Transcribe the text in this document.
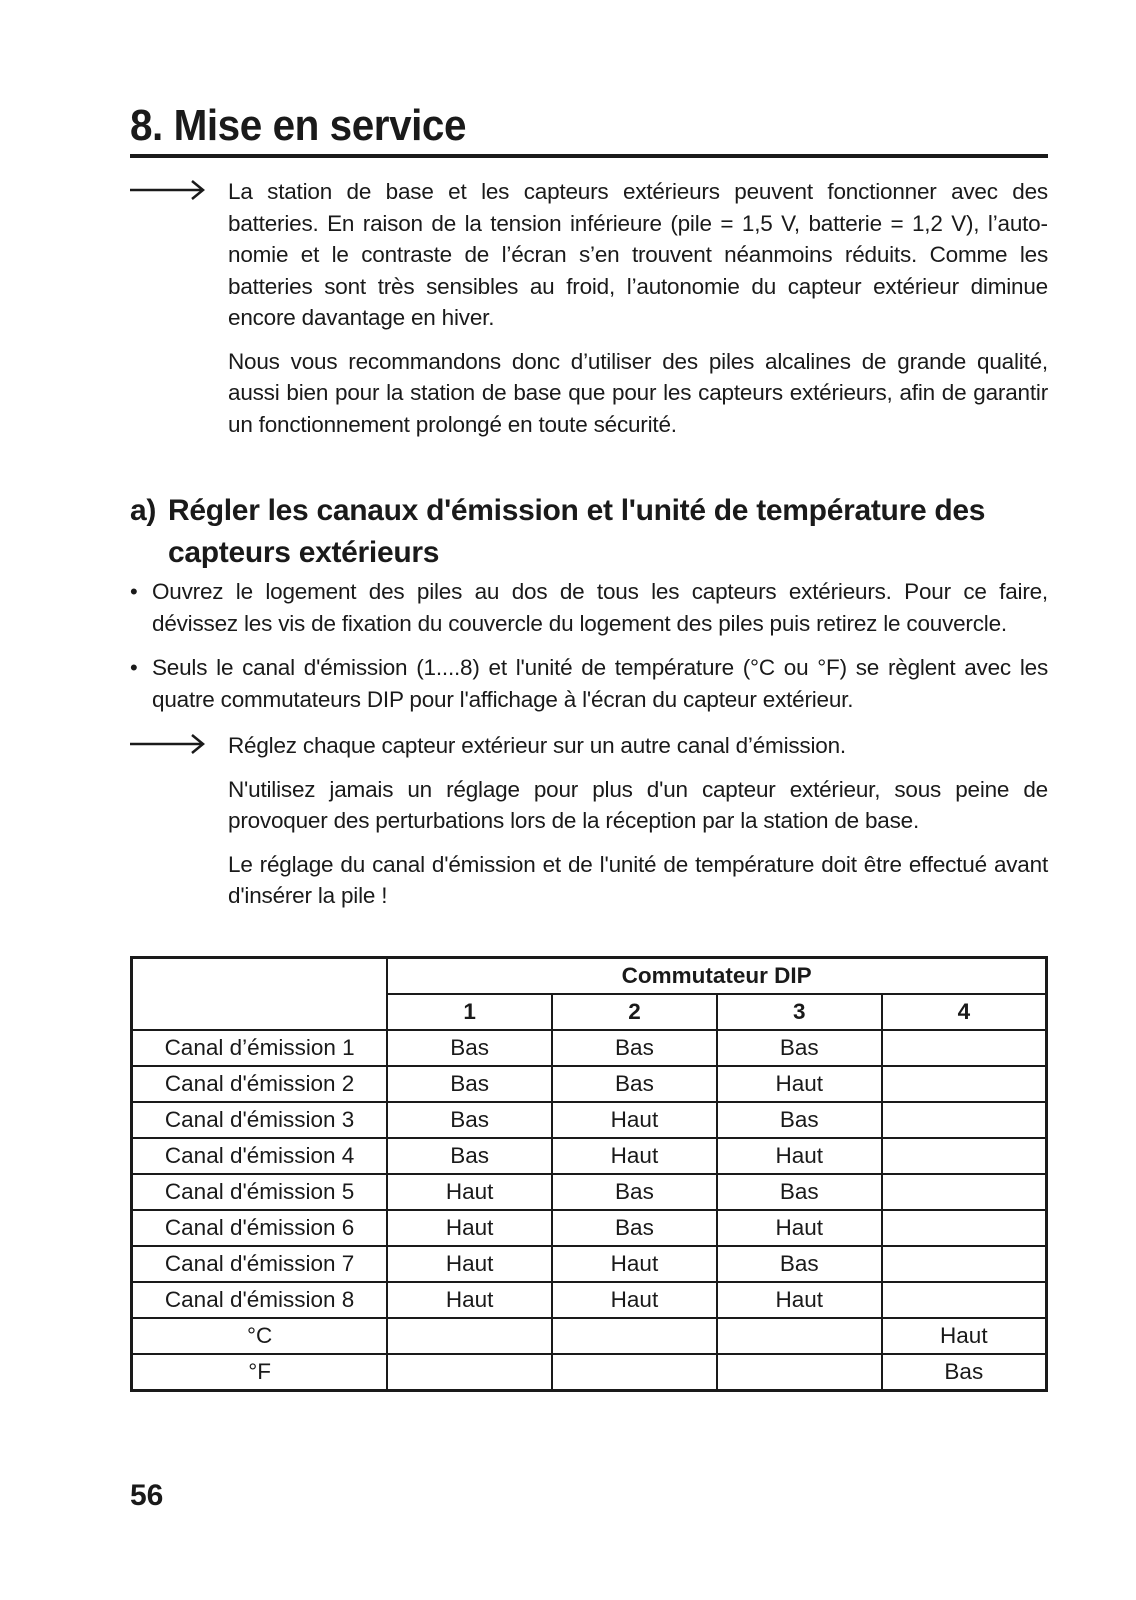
8. Mise en service

La station de base et les capteurs extérieurs peuvent fonctionner avec des batteries. En raison de la tension inférieure (pile = 1,5 V, batterie = 1,2 V), l’autonomie et le contraste de l’écran s’en trouvent néanmoins réduits. Comme les batteries sont très sensibles au froid, l’autonomie du capteur extérieur diminue encore davantage en hiver.

Nous vous recommandons donc d’utiliser des piles alcalines de grande qualité, aussi bien pour la station de base que pour les capteurs extérieurs, afin de garantir un fonctionnement prolongé en toute sécurité.

a)	Régler les canaux d'émission et l'unité de température des capteurs extérieurs
• Ouvrez le logement des piles au dos de tous les capteurs extérieurs. Pour ce faire, dévissez les vis de fixation du couvercle du logement des piles puis retirez le couvercle.
• Seuls le canal d'émission (1....8) et l'unité de température (°C ou °F) se règlent avec les quatre commutateurs DIP pour l'affichage à l'écran du capteur extérieur.

Réglez chaque capteur extérieur sur un autre canal d’émission.

N'utilisez jamais un réglage pour plus d'un capteur extérieur, sous peine de provoquer des perturbations lors de la réception par la station de base.

Le réglage du canal d'émission et de l'unité de température doit être effectué avant d'insérer la pile !

	Commutateur DIP			
	1	2	3	4
Canal d’émission 1	Bas	Bas	Bas	
Canal d'émission 2	Bas	Bas	Haut	
Canal d'émission 3	Bas	Haut	Bas	
Canal d'émission 4	Bas	Haut	Haut	
Canal d'émission 5	Haut	Bas	Bas	
Canal d'émission 6	Haut	Bas	Haut	
Canal d'émission 7	Haut	Haut	Bas	
Canal d'émission 8	Haut	Haut	Haut	
°C				Haut
°F				Bas
56
